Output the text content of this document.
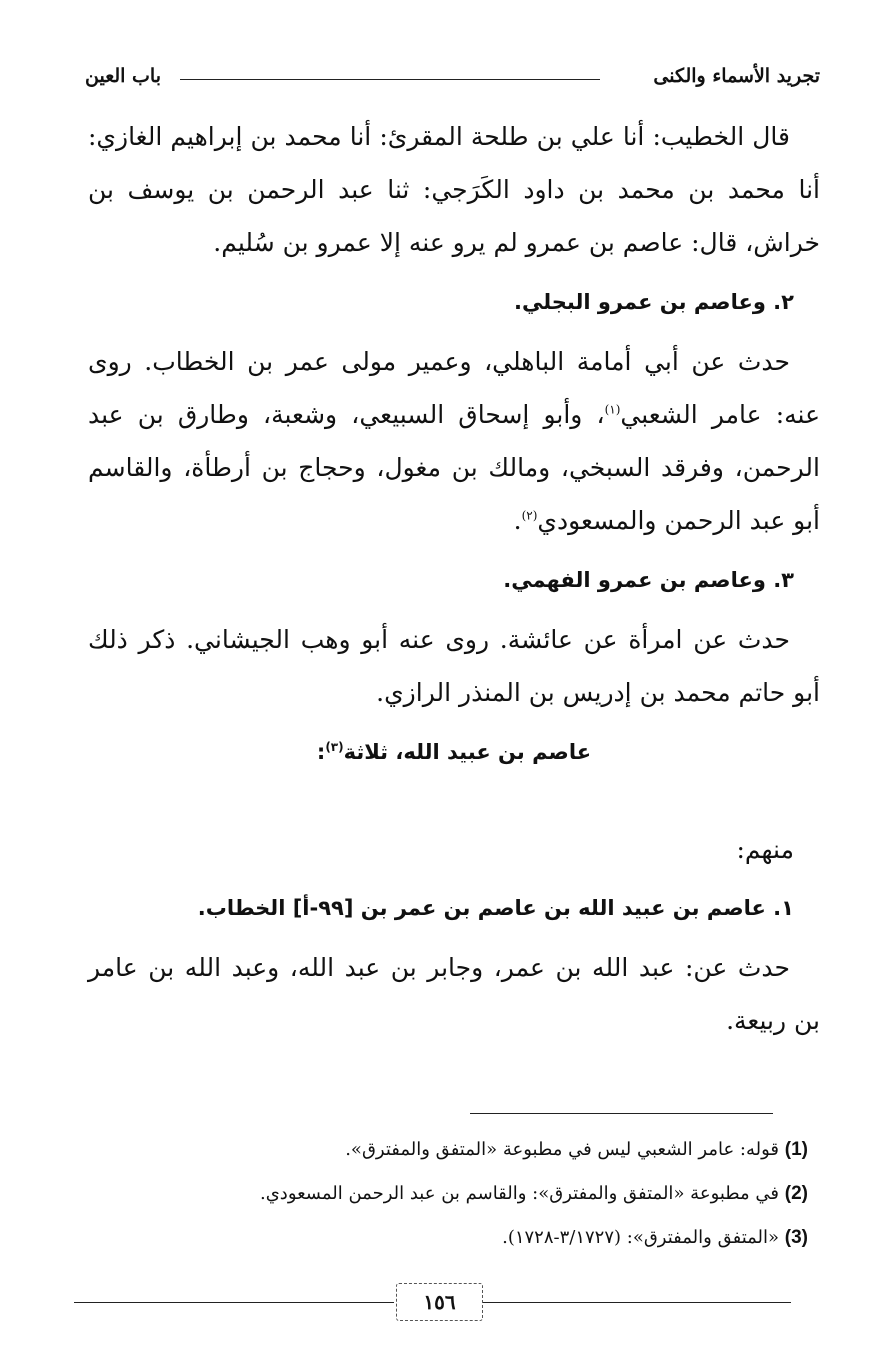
تجريد الأسماء والكنى
باب العين

قال الخطيب: أنا علي بن طلحة المقرئ: أنا محمد بن إبراهيم الغازي: أنا محمد بن محمد بن داود الكَرَجي: ثنا عبد الرحمن بن يوسف بن خراش، قال: عاصم بن عمرو لم يرو عنه إلا عمرو بن سُليم.

٢. وعاصم بن عمرو البجلي.

حدث عن أبي أمامة الباهلي، وعمير مولى عمر بن الخطاب. روى عنه: عامر الشعبي$^{(١)}$، وأبو إسحاق السبيعي، وشعبة، وطارق بن عبد الرحمن، وفرقد السبخي، ومالك بن مغول، وحجاج بن أرطأة، والقاسم أبو عبد الرحمن والمسعودي$^{(٢)}$.

٣. وعاصم بن عمرو الفهمي.

حدث عن امرأة عن عائشة. روى عنه أبو وهب الجيشاني. ذكر ذلك أبو حاتم محمد بن إدريس بن المنذر الرازي.

عاصم بن عبيد الله، ثلاثة$^{(٣)}$:

منهم:

١. عاصم بن عبيد الله بن عاصم بن عمر بن [٩٩-أ] الخطاب.

حدث عن: عبد الله بن عمر، وجابر بن عبد الله، وعبد الله بن عامر بن ربيعة.

(1) قوله: عامر الشعبي ليس في مطبوعة «المتفق والمفترق».

(2) في مطبوعة «المتفق والمفترق»: والقاسم بن عبد الرحمن المسعودي.

(3) «المتفق والمفترق»: (٣/١٧٢٧-١٧٢٨).

١٥٦
